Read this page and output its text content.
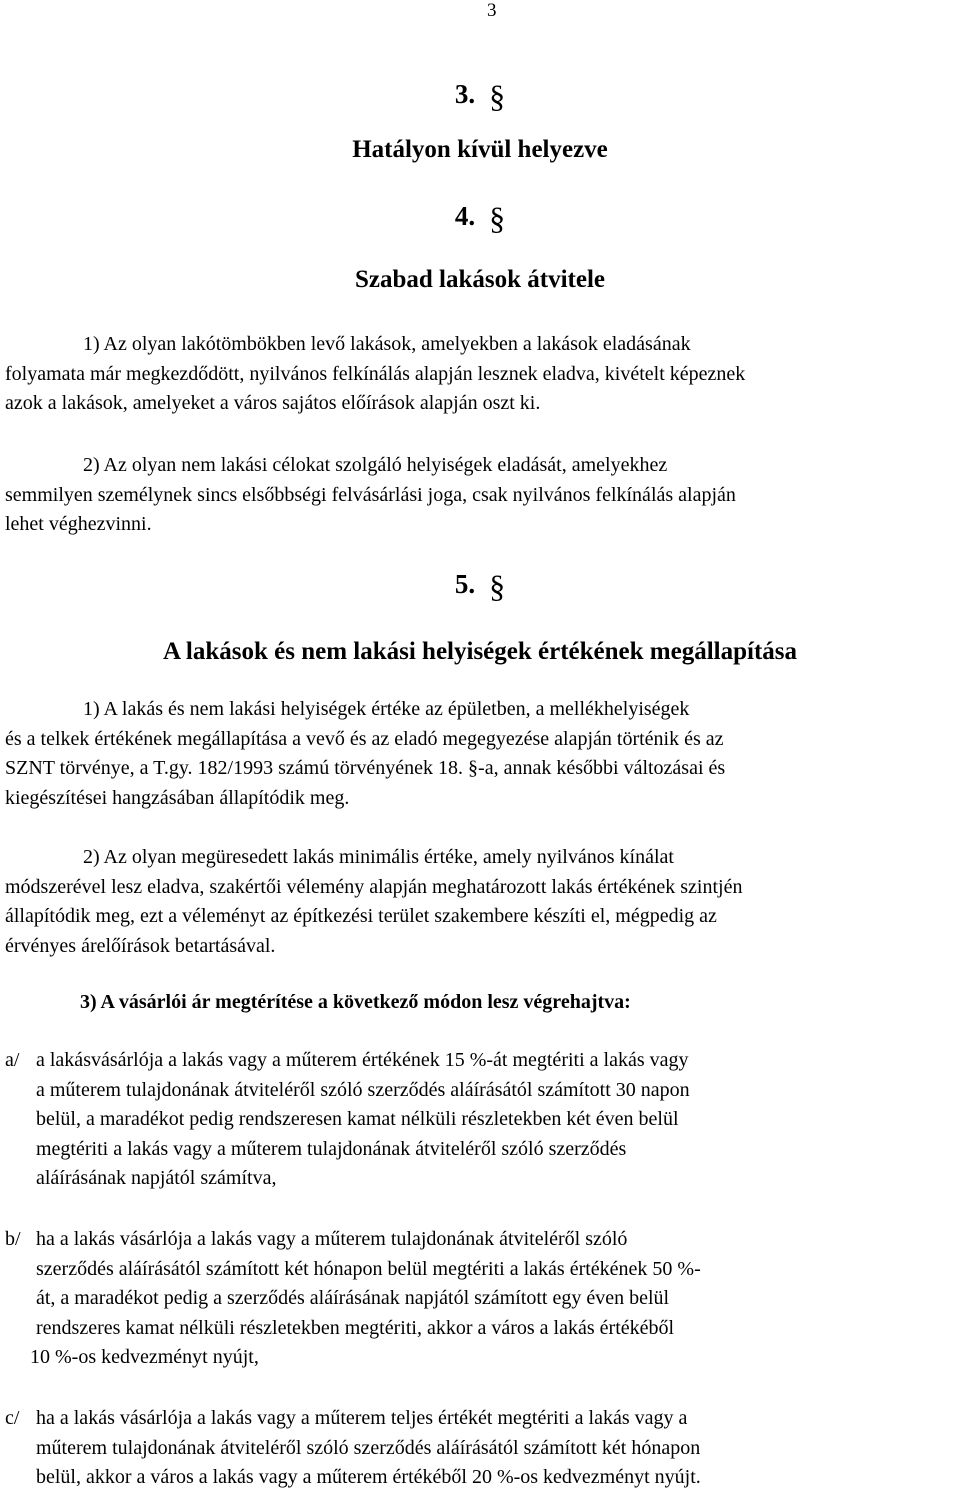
3
3. §
Hatályon kívül helyezve
4. §
Szabad lakások átvitele
1) Az olyan lakótömbökben levő lakások, amelyekben a lakások eladásának
folyamata már megkezdődött, nyilvános felkínálás alapján lesznek eladva, kivételt képeznek
azok a lakások, amelyeket a város sajátos előírások alapján oszt ki.
2) Az olyan nem lakási célokat szolgáló helyiségek eladását, amelyekhez
semmilyen személynek sincs elsőbbségi felvásárlási joga, csak nyilvános felkínálás alapján
lehet véghezvinni.
5. §
A lakások és nem lakási helyiségek értékének megállapítása
1) A lakás és nem lakási helyiségek értéke az épületben, a mellékhelyiségek
és a telkek értékének megállapítása a vevő és az eladó megegyezése alapján történik és az
SZNT törvénye, a T.gy. 182/1993 számú törvényének 18. §-a, annak későbbi változásai és
kiegészítései hangzásában állapítódik meg.
2) Az olyan megüresedett lakás minimális értéke, amely nyilvános kínálat
módszerével lesz eladva, szakértői vélemény alapján meghatározott lakás értékének szintjén
állapítódik meg, ezt a véleményt az építkezési terület szakembere készíti el, mégpedig az
érvényes árelőírások betartásával.
3) A vásárlói ár megtérítése a következő módon lesz végrehajtva:
a/ a lakásvásárlója a lakás vagy a műterem értékének 15 %-át megtériti a lakás vagy
a műterem tulajdonának átviteléről szóló szerződés aláírásától számított 30 napon
belül, a maradékot pedig rendszeresen kamat nélküli részletekben két éven belül
megtériti a lakás vagy a műterem tulajdonának átviteléről szóló szerződés
aláírásának napjától számítva,
b/ ha a lakás vásárlója a lakás vagy a műterem tulajdonának átviteléről szóló
szerződés aláírásától számított két hónapon belül megtériti a lakás értékének 50 %-
át, a maradékot pedig a szerződés aláírásának napjától számított egy éven belül
rendszeres kamat nélküli részletekben megtériti, akkor a város a lakás értékéből
10 %-os kedvezményt nyújt,
c/ ha a lakás vásárlója a lakás vagy a műterem teljes értékét megtériti a lakás vagy a
műterem tulajdonának átviteléről szóló szerződés aláírásától számított két hónapon
belül, akkor a város a lakás vagy a műterem értékéből 20 %-os kedvezményt nyújt.
